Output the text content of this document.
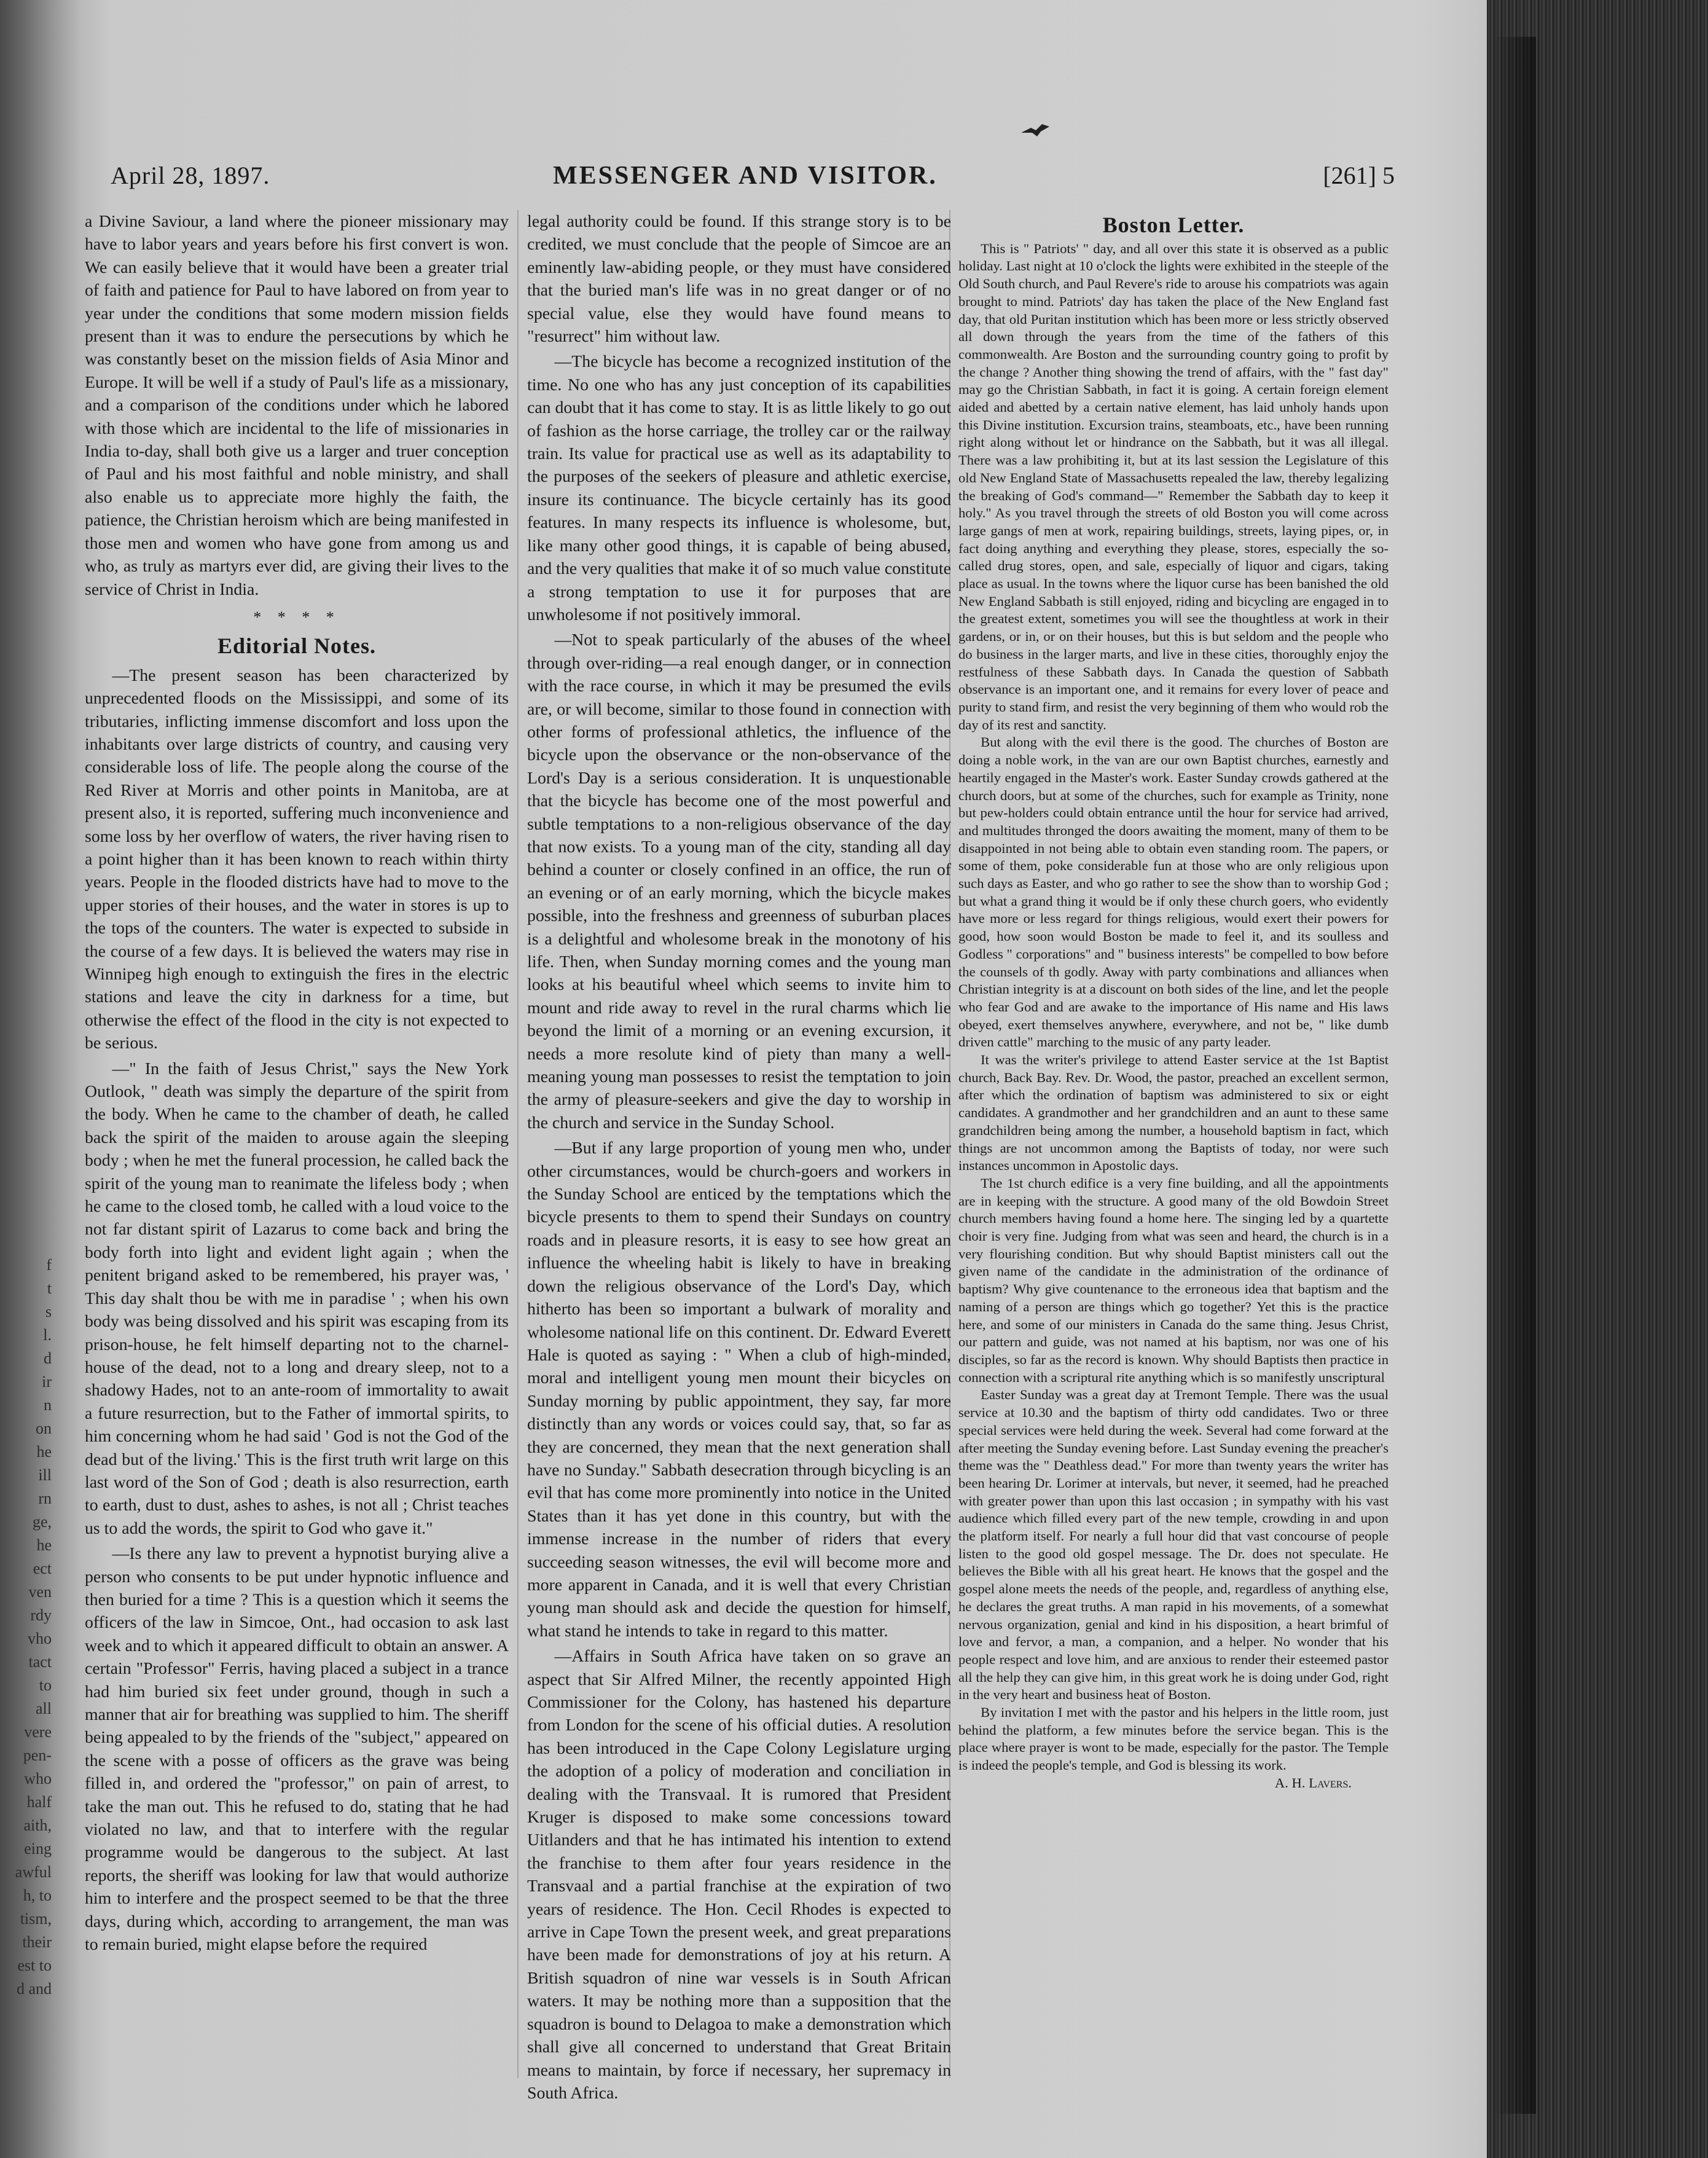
f
t
s
l.
d
ir
n
on
he
ill
rn
ge,
he
ect
ven
rdy
vho
tact
to
all
vere
pen-
who
half
aith,
eing
awful
h, to
tism,
their
est to
d and
April 28, 1897.	MESSENGER AND VISITOR.	[261] 5

a Divine Saviour, a land where the pioneer missionary may have to labor years and years before his first convert is won. We can easily believe that it would have been a greater trial of faith and patience for Paul to have labored on from year to year under the conditions that some modern mission fields present than it was to endure the persecutions by which he was constantly beset on the mission fields of Asia Minor and Europe. It will be well if a study of Paul's life as a missionary, and a comparison of the conditions under which he labored with those which are incidental to the life of missionaries in India to-day, shall both give us a larger and truer conception of Paul and his most faithful and noble ministry, and shall also enable us to appreciate more highly the faith, the patience, the Christian heroism which are being manifested in those men and women who have gone from among us and who, as truly as martyrs ever did, are giving their lives to the service of Christ in India.

* * * *
Editorial Notes.

—The present season has been characterized by unprecedented floods on the Mississippi, and some of its tributaries, inflicting immense discomfort and loss upon the inhabitants over large districts of country, and causing very considerable loss of life. The people along the course of the Red River at Morris and other points in Manitoba, are at present also, it is reported, suffering much inconvenience and some loss by her overflow of waters, the river having risen to a point higher than it has been known to reach within thirty years. People in the flooded districts have had to move to the upper stories of their houses, and the water in stores is up to the tops of the counters. The water is expected to subside in the course of a few days. It is believed the waters may rise in Winnipeg high enough to extinguish the fires in the electric stations and leave the city in darkness for a time, but otherwise the effect of the flood in the city is not expected to be serious.

—" In the faith of Jesus Christ," says the New York Outlook, " death was simply the departure of the spirit from the body. When he came to the chamber of death, he called back the spirit of the maiden to arouse again the sleeping body ; when he met the funeral procession, he called back the spirit of the young man to reanimate the lifeless body ; when he came to the closed tomb, he called with a loud voice to the not far distant spirit of Lazarus to come back and bring the body forth into light and evident light again ; when the penitent brigand asked to be remembered, his prayer was, ' This day shalt thou be with me in paradise ' ; when his own body was being dissolved and his spirit was escaping from its prison-house, he felt himself departing not to the charnel-house of the dead, not to a long and dreary sleep, not to a shadowy Hades, not to an ante-room of immortality to await a future resurrection, but to the Father of immortal spirits, to him concerning whom he had said ' God is not the God of the dead but of the living.' This is the first truth writ large on this last word of the Son of God ; death is also resurrection, earth to earth, dust to dust, ashes to ashes, is not all ; Christ teaches us to add the words, the spirit to God who gave it."

—Is there any law to prevent a hypnotist burying alive a person who consents to be put under hypnotic influence and then buried for a time ? This is a question which it seems the officers of the law in Simcoe, Ont., had occasion to ask last week and to which it appeared difficult to obtain an answer. A certain "Professor" Ferris, having placed a subject in a trance had him buried six feet under ground, though in such a manner that air for breathing was supplied to him. The sheriff being appealed to by the friends of the "subject," appeared on the scene with a posse of officers as the grave was being filled in, and ordered the "professor," on pain of arrest, to take the man out. This he refused to do, stating that he had violated no law, and that to interfere with the regular programme would be dangerous to the subject. At last reports, the sheriff was looking for law that would authorize him to interfere and the prospect seemed to be that the three days, during which, according to arrangement, the man was to remain buried, might elapse before the required

legal authority could be found. If this strange story is to be credited, we must conclude that the people of Simcoe are an eminently law-abiding people, or they must have considered that the buried man's life was in no great danger or of no special value, else they would have found means to "resurrect" him without law.

—The bicycle has become a recognized institution of the time. No one who has any just conception of its capabilities can doubt that it has come to stay. It is as little likely to go out of fashion as the horse carriage, the trolley car or the railway train. Its value for practical use as well as its adaptability to the purposes of the seekers of pleasure and athletic exercise, insure its continuance. The bicycle certainly has its good features. In many respects its influence is wholesome, but, like many other good things, it is capable of being abused, and the very qualities that make it of so much value constitute a strong temptation to use it for purposes that are unwholesome if not positively immoral.

—Not to speak particularly of the abuses of the wheel through over-riding—a real enough danger, or in connection with the race course, in which it may be presumed the evils are, or will become, similar to those found in connection with other forms of professional athletics, the influence of the bicycle upon the observance or the non-observance of the Lord's Day is a serious consideration. It is unquestionable that the bicycle has become one of the most powerful and subtle temptations to a non-religious observance of the day that now exists. To a young man of the city, standing all day behind a counter or closely confined in an office, the run of an evening or of an early morning, which the bicycle makes possible, into the freshness and greenness of suburban places is a delightful and wholesome break in the monotony of his life. Then, when Sunday morning comes and the young man looks at his beautiful wheel which seems to invite him to mount and ride away to revel in the rural charms which lie beyond the limit of a morning or an evening excursion, it needs a more resolute kind of piety than many a well-meaning young man possesses to resist the temptation to join the army of pleasure-seekers and give the day to worship in the church and service in the Sunday School.

—But if any large proportion of young men who, under other circumstances, would be church-goers and workers in the Sunday School are enticed by the temptations which the bicycle presents to them to spend their Sundays on country roads and in pleasure resorts, it is easy to see how great an influence the wheeling habit is likely to have in breaking down the religious observance of the Lord's Day, which hitherto has been so important a bulwark of morality and wholesome national life on this continent. Dr. Edward Everett Hale is quoted as saying : " When a club of high-minded, moral and intelligent young men mount their bicycles on Sunday morning by public appointment, they say, far more distinctly than any words or voices could say, that, so far as they are concerned, they mean that the next generation shall have no Sunday." Sabbath desecration through bicycling is an evil that has come more prominently into notice in the United States than it has yet done in this country, but with the immense increase in the number of riders that every succeeding season witnesses, the evil will become more and more apparent in Canada, and it is well that every Christian young man should ask and decide the question for himself, what stand he intends to take in regard to this matter.

—Affairs in South Africa have taken on so grave an aspect that Sir Alfred Milner, the recently appointed High Commissioner for the Colony, has hastened his departure from London for the scene of his official duties. A resolution has been introduced in the Cape Colony Legislature urging the adoption of a policy of moderation and conciliation in dealing with the Transvaal. It is rumored that President Kruger is disposed to make some concessions toward Uitlanders and that he has intimated his intention to extend the franchise to them after four years residence in the Transvaal and a partial franchise at the expiration of two years of residence. The Hon. Cecil Rhodes is expected to arrive in Cape Town the present week, and great preparations have been made for demonstrations of joy at his return. A British squadron of nine war vessels is in South African waters. It may be nothing more than a supposition that the squadron is bound to Delagoa to make a demonstration which shall give all concerned to understand that Great Britain means to maintain, by force if necessary, her supremacy in South Africa.

Boston Letter.

This is " Patriots' " day, and all over this state it is observed as a public holiday. Last night at 10 o'clock the lights were exhibited in the steeple of the Old South church, and Paul Revere's ride to arouse his compatriots was again brought to mind. Patriots' day has taken the place of the New England fast day, that old Puritan institution which has been more or less strictly observed all down through the years from the time of the fathers of this commonwealth. Are Boston and the surrounding country going to profit by the change ? Another thing showing the trend of affairs, with the " fast day" may go the Christian Sabbath, in fact it is going. A certain foreign element aided and abetted by a certain native element, has laid unholy hands upon this Divine institution. Excursion trains, steamboats, etc., have been running right along without let or hindrance on the Sabbath, but it was all illegal. There was a law prohibiting it, but at its last session the Legislature of this old New England State of Massachusetts repealed the law, thereby legalizing the breaking of God's command—" Remember the Sabbath day to keep it holy." As you travel through the streets of old Boston you will come across large gangs of men at work, repairing buildings, streets, laying pipes, or, in fact doing anything and everything they please, stores, especially the so-called drug stores, open, and sale, especially of liquor and cigars, taking place as usual. In the towns where the liquor curse has been banished the old New England Sabbath is still enjoyed, riding and bicycling are engaged in to the greatest extent, sometimes you will see the thoughtless at work in their gardens, or in, or on their houses, but this is but seldom and the people who do business in the larger marts, and live in these cities, thoroughly enjoy the restfulness of these Sabbath days. In Canada the question of Sabbath observance is an important one, and it remains for every lover of peace and purity to stand firm, and resist the very beginning of them who would rob the day of its rest and sanctity.

But along with the evil there is the good. The churches of Boston are doing a noble work, in the van are our own Baptist churches, earnestly and heartily engaged in the Master's work. Easter Sunday crowds gathered at the church doors, but at some of the churches, such for example as Trinity, none but pew-holders could obtain entrance until the hour for service had arrived, and multitudes thronged the doors awaiting the moment, many of them to be disappointed in not being able to obtain even standing room. The papers, or some of them, poke considerable fun at those who are only religious upon such days as Easter, and who go rather to see the show than to worship God ; but what a grand thing it would be if only these church goers, who evidently have more or less regard for things religious, would exert their powers for good, how soon would Boston be made to feel it, and its soulless and Godless " corporations" and " business interests" be compelled to bow before the counsels of th godly. Away with party combinations and alliances when Christian integrity is at a discount on both sides of the line, and let the people who fear God and are awake to the importance of His name and His laws obeyed, exert themselves anywhere, everywhere, and not be, " like dumb driven cattle" marching to the music of any party leader.

It was the writer's privilege to attend Easter service at the 1st Baptist church, Back Bay. Rev. Dr. Wood, the pastor, preached an excellent sermon, after which the ordination of baptism was administered to six or eight candidates. A grandmother and her grandchildren and an aunt to these same grandchildren being among the number, a household baptism in fact, which things are not uncommon among the Baptists of today, nor were such instances uncommon in Apostolic days.

The 1st church edifice is a very fine building, and all the appointments are in keeping with the structure. A good many of the old Bowdoin Street church members having found a home here. The singing led by a quartette choir is very fine. Judging from what was seen and heard, the church is in a very flourishing condition. But why should Baptist ministers call out the given name of the candidate in the administration of the ordinance of baptism? Why give countenance to the erroneous idea that baptism and the naming of a person are things which go together? Yet this is the practice here, and some of our ministers in Canada do the same thing. Jesus Christ, our pattern and guide, was not named at his baptism, nor was one of his disciples, so far as the record is known. Why should Baptists then practice in connection with a scriptural rite anything which is so manifestly unscriptural

Easter Sunday was a great day at Tremont Temple. There was the usual service at 10.30 and the baptism of thirty odd candidates. Two or three special services were held during the week. Several had come forward at the after meeting the Sunday evening before. Last Sunday evening the preacher's theme was the " Deathless dead." For more than twenty years the writer has been hearing Dr. Lorimer at intervals, but never, it seemed, had he preached with greater power than upon this last occasion ; in sympathy with his vast audience which filled every part of the new temple, crowding in and upon the platform itself. For nearly a full hour did that vast concourse of people listen to the good old gospel message. The Dr. does not speculate. He believes the Bible with all his great heart. He knows that the gospel and the gospel alone meets the needs of the people, and, regardless of anything else, he declares the great truths. A man rapid in his movements, of a somewhat nervous organization, genial and kind in his disposition, a heart brimful of love and fervor, a man, a companion, and a helper. No wonder that his people respect and love him, and are anxious to render their esteemed pastor all the help they can give him, in this great work he is doing under God, right in the very heart and business heat of Boston.

By invitation I met with the pastor and his helpers in the little room, just behind the platform, a few minutes before the service began. This is the place where prayer is wont to be made, especially for the pastor. The Temple is indeed the people's temple, and God is blessing its work.

A. H. Lavers.
